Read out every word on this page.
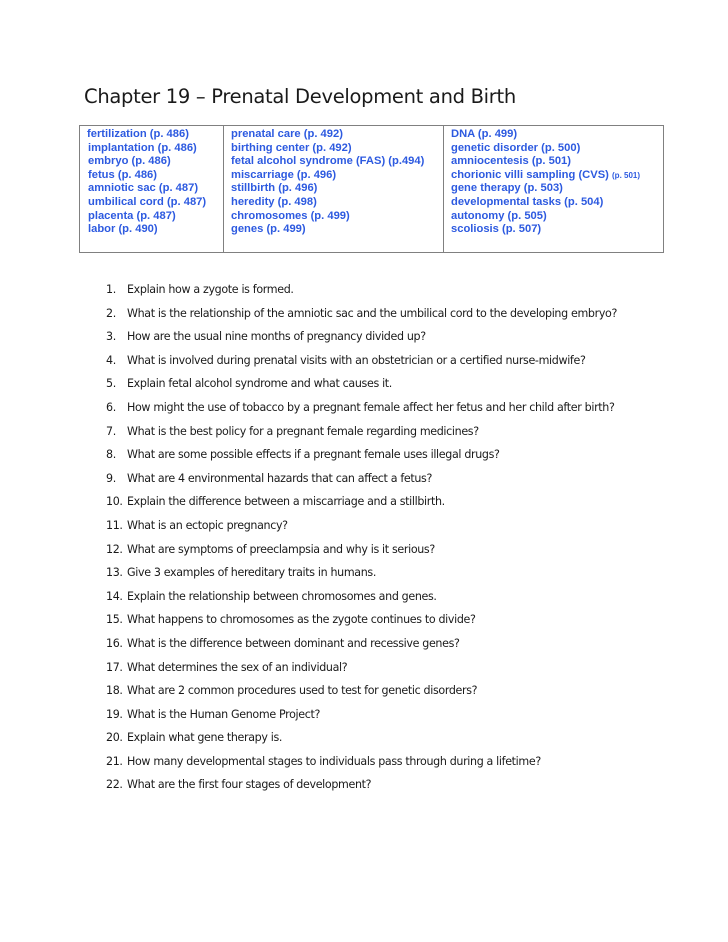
Chapter 19 – Prenatal Development and Birth
fertilization (p. 486)
implantation (p. 486)
embryo (p. 486)
fetus (p. 486)
amniotic sac (p. 487)
umbilical cord (p. 487)
placenta (p. 487)
labor (p. 490)

prenatal care (p. 492)
birthing center (p. 492)
fetal alcohol syndrome (FAS) (p.494)
miscarriage (p. 496)
stillbirth (p. 496)
heredity (p. 498)
chromosomes (p. 499)
genes (p. 499)

DNA (p. 499)
genetic disorder (p. 500)
amniocentesis (p. 501)
chorionic villi sampling (CVS) (p. 501)
gene therapy (p. 503)
developmental tasks (p. 504)
autonomy (p. 505)
scoliosis (p. 507)
1. Explain how a zygote is formed.
2. What is the relationship of the amniotic sac and the umbilical cord to the developing embryo?
3. How are the usual nine months of pregnancy divided up?
4. What is involved during prenatal visits with an obstetrician or a certified nurse-midwife?
5. Explain fetal alcohol syndrome and what causes it.
6. How might the use of tobacco by a pregnant female affect her fetus and her child after birth?
7. What is the best policy for a pregnant female regarding medicines?
8. What are some possible effects if a pregnant female uses illegal drugs?
9. What are 4 environmental hazards that can affect a fetus?
10. Explain the difference between a miscarriage and a stillbirth.
11. What is an ectopic pregnancy?
12. What are symptoms of preeclampsia and why is it serious?
13. Give 3 examples of hereditary traits in humans.
14. Explain the relationship between chromosomes and genes.
15. What happens to chromosomes as the zygote continues to divide?
16. What is the difference between dominant and recessive genes?
17. What determines the sex of an individual?
18. What are 2 common procedures used to test for genetic disorders?
19. What is the Human Genome Project?
20. Explain what gene therapy is.
21. How many developmental stages to individuals pass through during a lifetime?
22. What are the first four stages of development?
